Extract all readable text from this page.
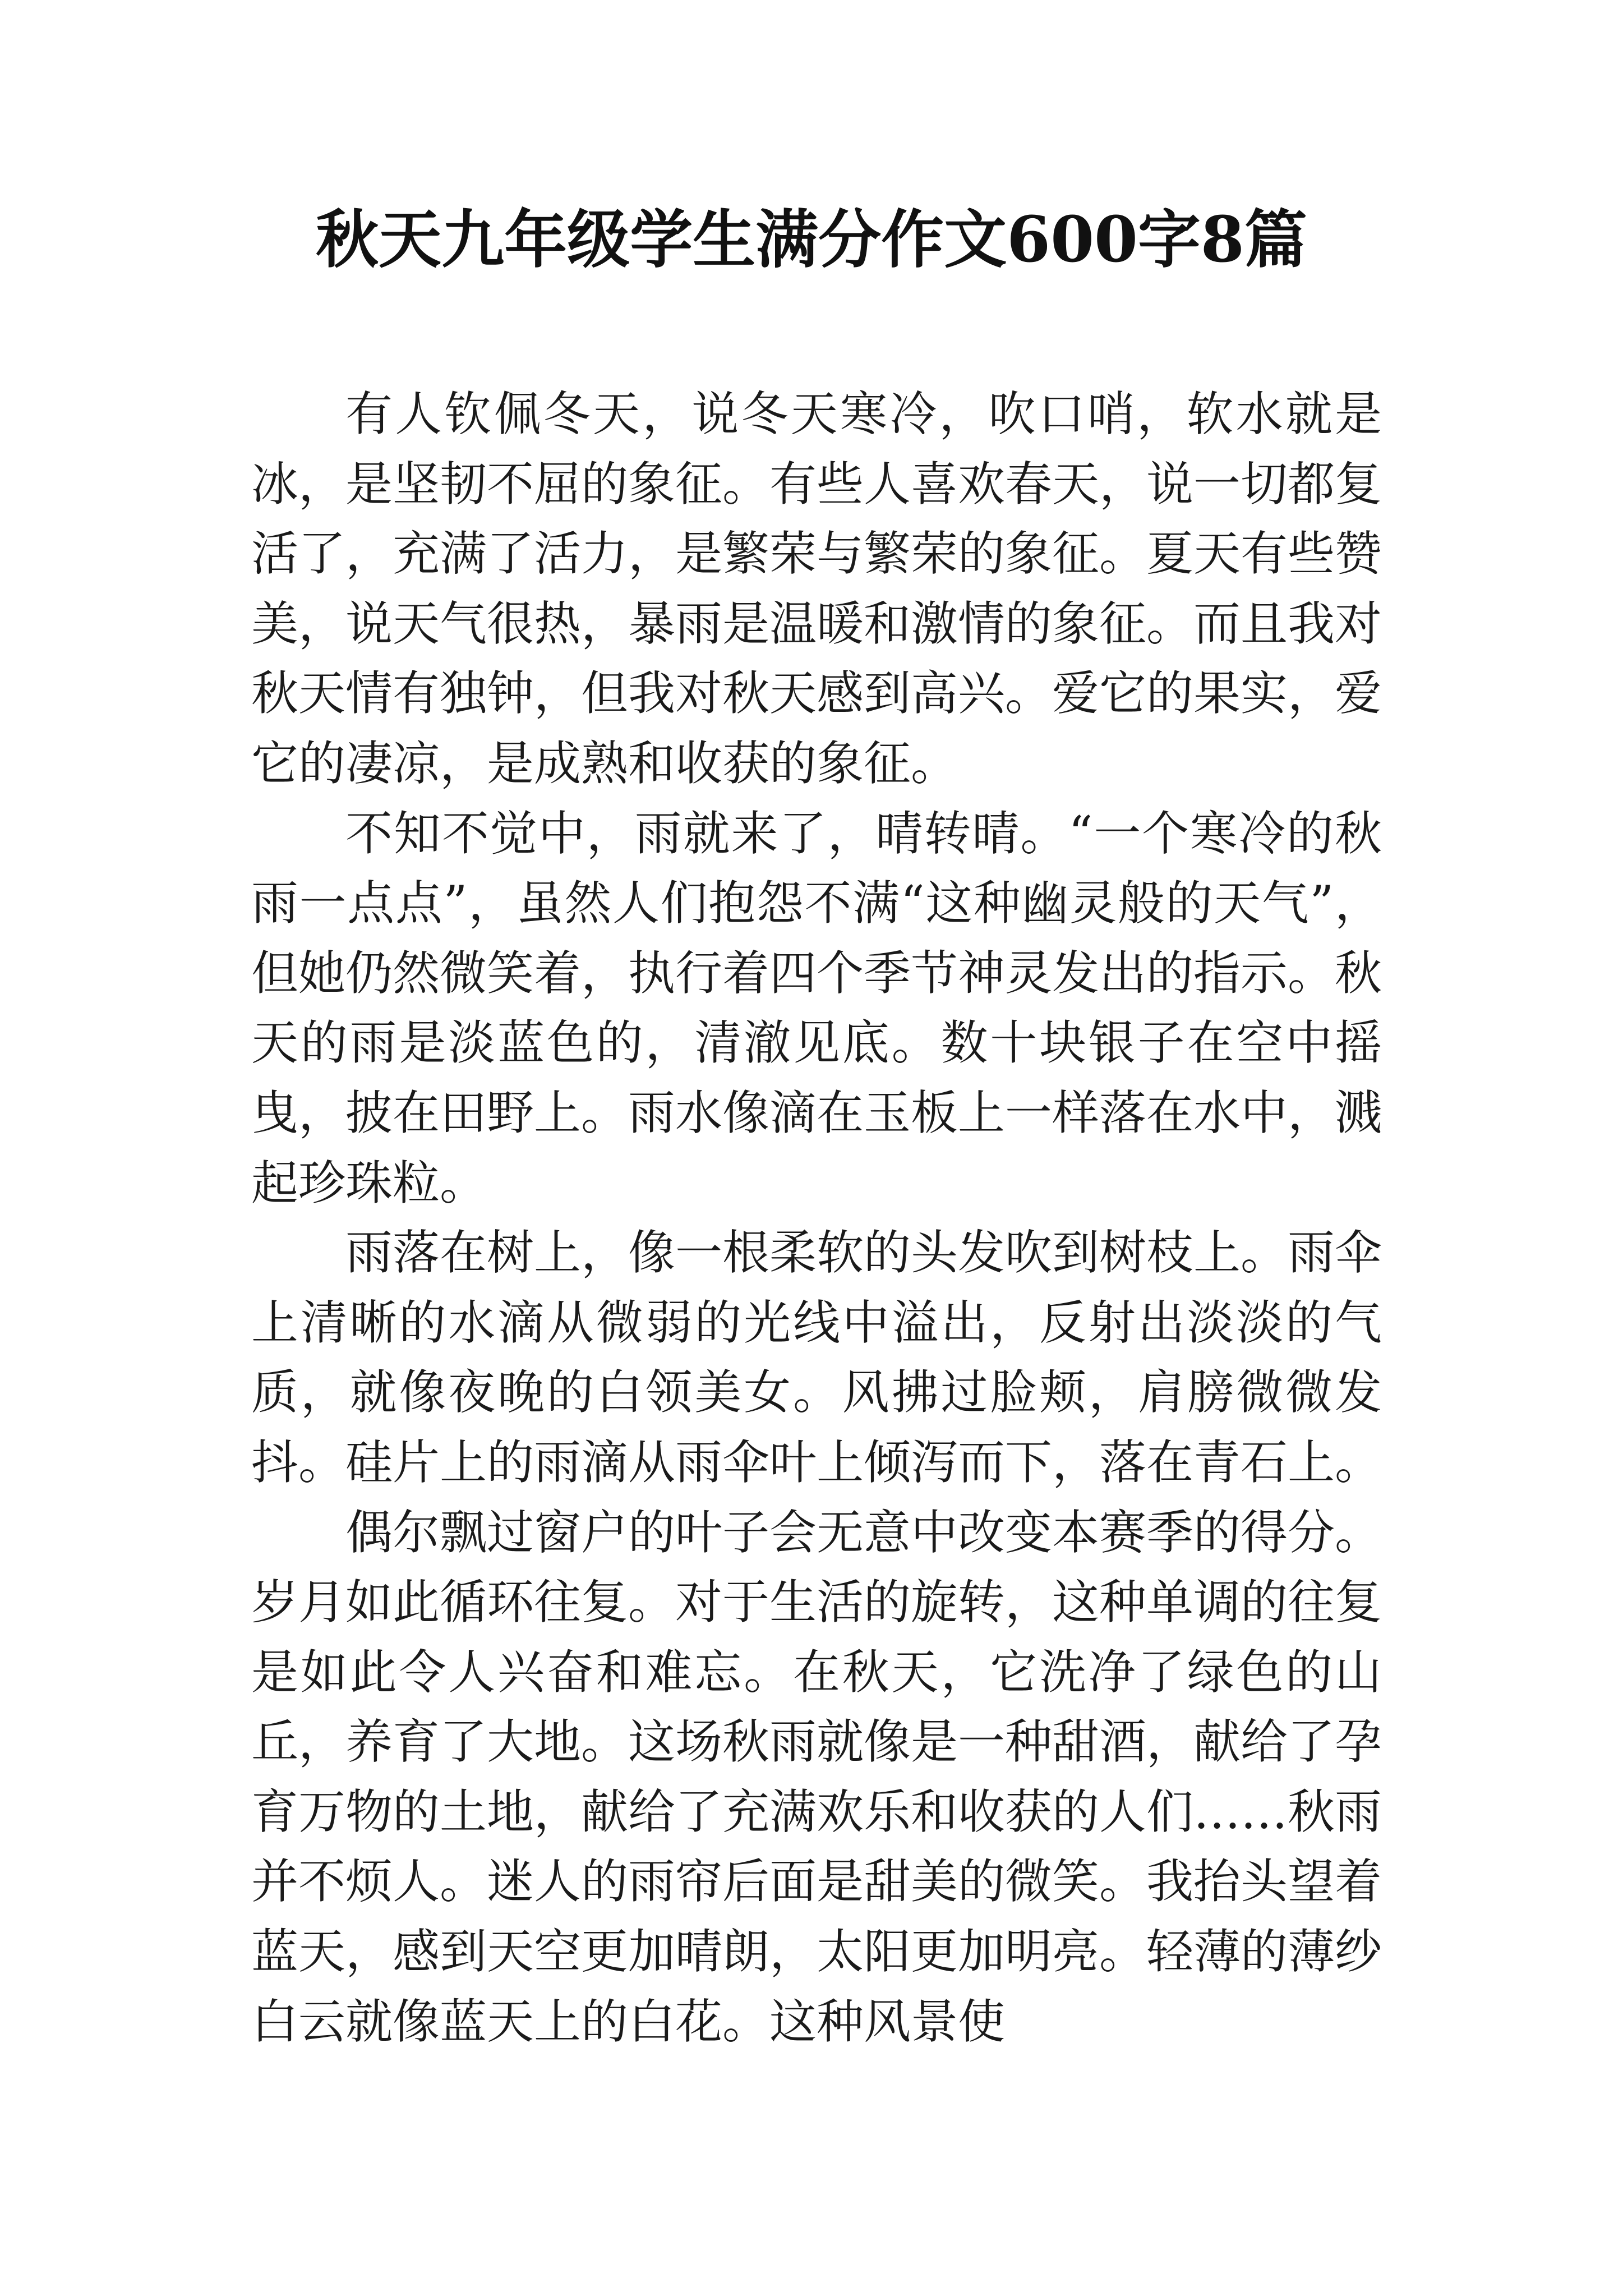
秋天九年级学生满分作文600字8篇

有人钦佩冬天，说冬天寒冷，吹口哨，软水就是冰，是坚韧不屈的象征。有些人喜欢春天，说一切都复活了，充满了活力，是繁荣与繁荣的象征。夏天有些赞美，说天气很热，暴雨是温暖和激情的象征。而且我对秋天情有独钟，但我对秋天感到高兴。爱它的果实，爱它的凄凉，是成熟和收获的象征。

不知不觉中，雨就来了，晴转晴。“一个寒冷的秋雨一点点”，虽然人们抱怨不满“这种幽灵般的天气”，但她仍然微笑着，执行着四个季节神灵发出的指示。秋天的雨是淡蓝色的，清澈见底。数十块银子在空中摇曳，披在田野上。雨水像滴在玉板上一样落在水中，溅起珍珠粒。

雨落在树上，像一根柔软的头发吹到树枝上。雨伞上清晰的水滴从微弱的光线中溢出，反射出淡淡的气质，就像夜晚的白领美女。风拂过脸颊，肩膀微微发抖。硅片上的雨滴从雨伞叶上倾泻而下，落在青石上。

偶尔飘过窗户的叶子会无意中改变本赛季的得分。岁月如此循环往复。对于生活的旋转，这种单调的往复是如此令人兴奋和难忘。在秋天，它洗净了绿色的山丘，养育了大地。这场秋雨就像是一种甜酒，献给了孕育万物的土地，献给了充满欢乐和收获的人们……秋雨并不烦人。迷人的雨帘后面是甜美的微笑。我抬头望着蓝天，感到天空更加晴朗，太阳更加明亮。轻薄的薄纱白云就像蓝天上的白花。这种风景使
